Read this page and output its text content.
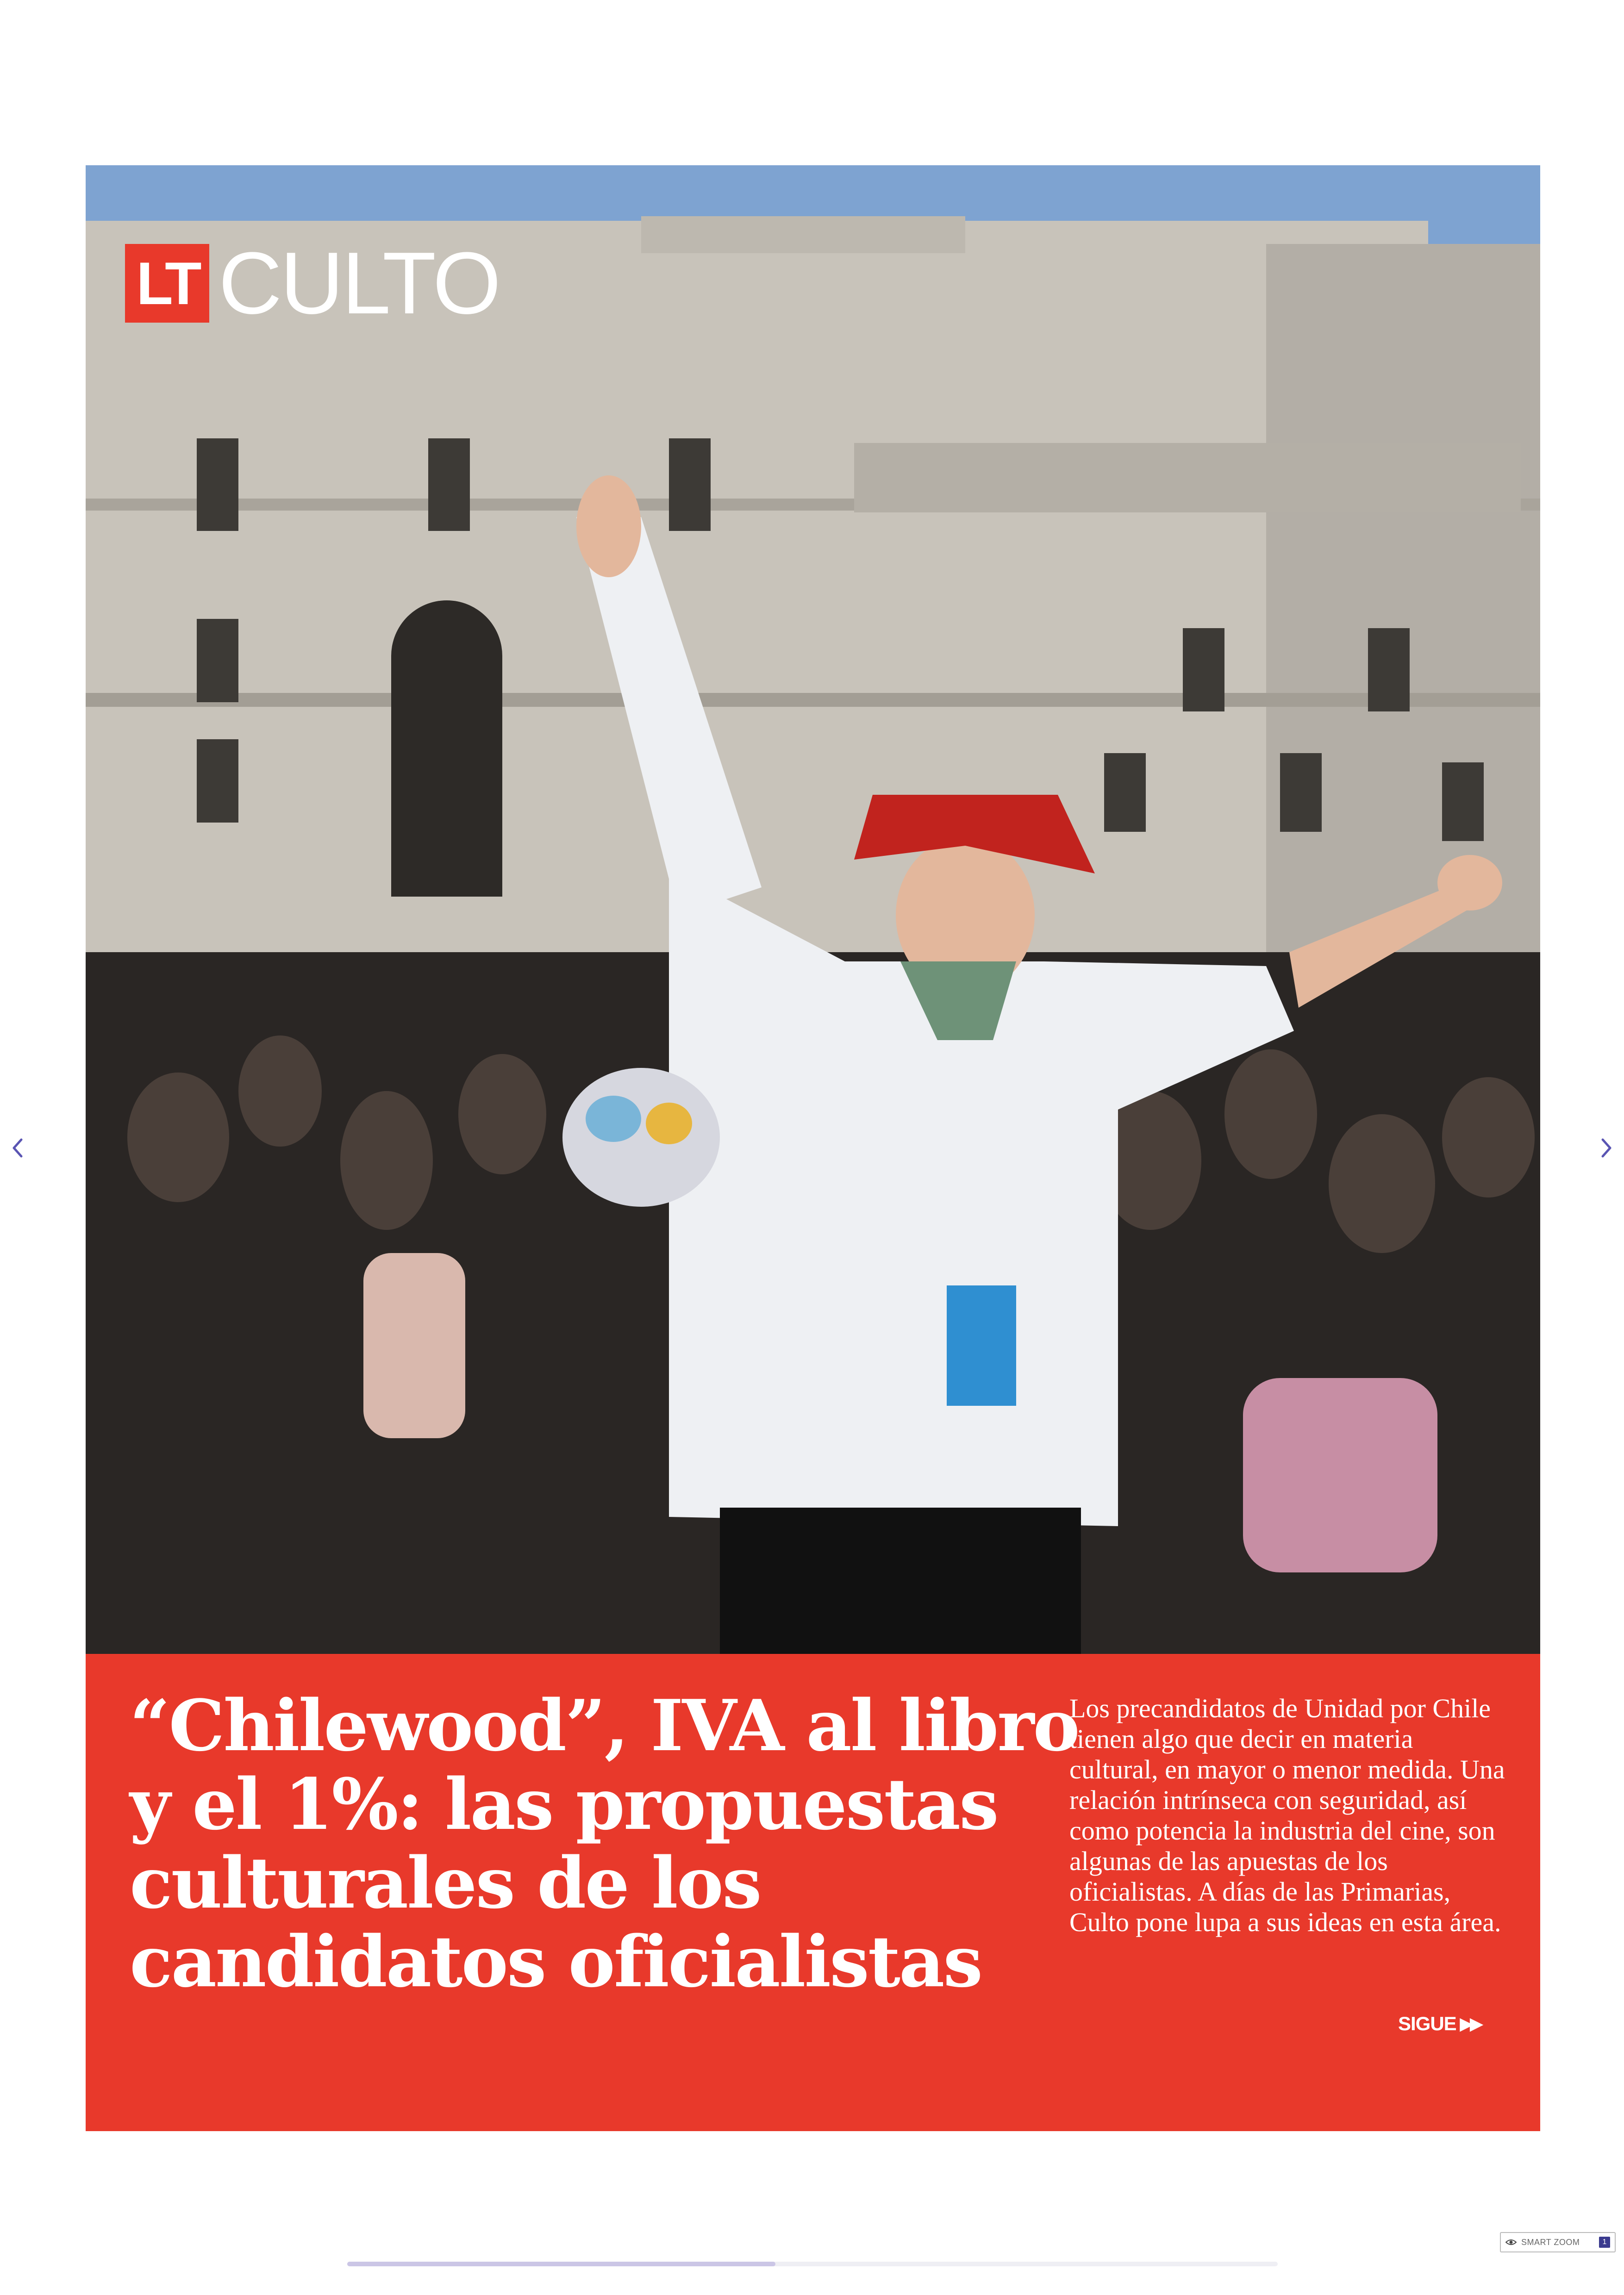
LT CULTO
“Chilewood”, IVA al libro y el 1%: las propuestas culturales de los candidatos oficialistas

Los precandidatos de Unidad por Chile tienen algo que decir en materia cultural, en mayor o menor medida. Una relación intrínseca con seguridad, así como potencia la industria del cine, son algunas de las apuestas de los oficialistas. A días de las Primarias, Culto pone lupa a sus ideas en esta área.

SIGUE ▶▶
SMART ZOOM	1
